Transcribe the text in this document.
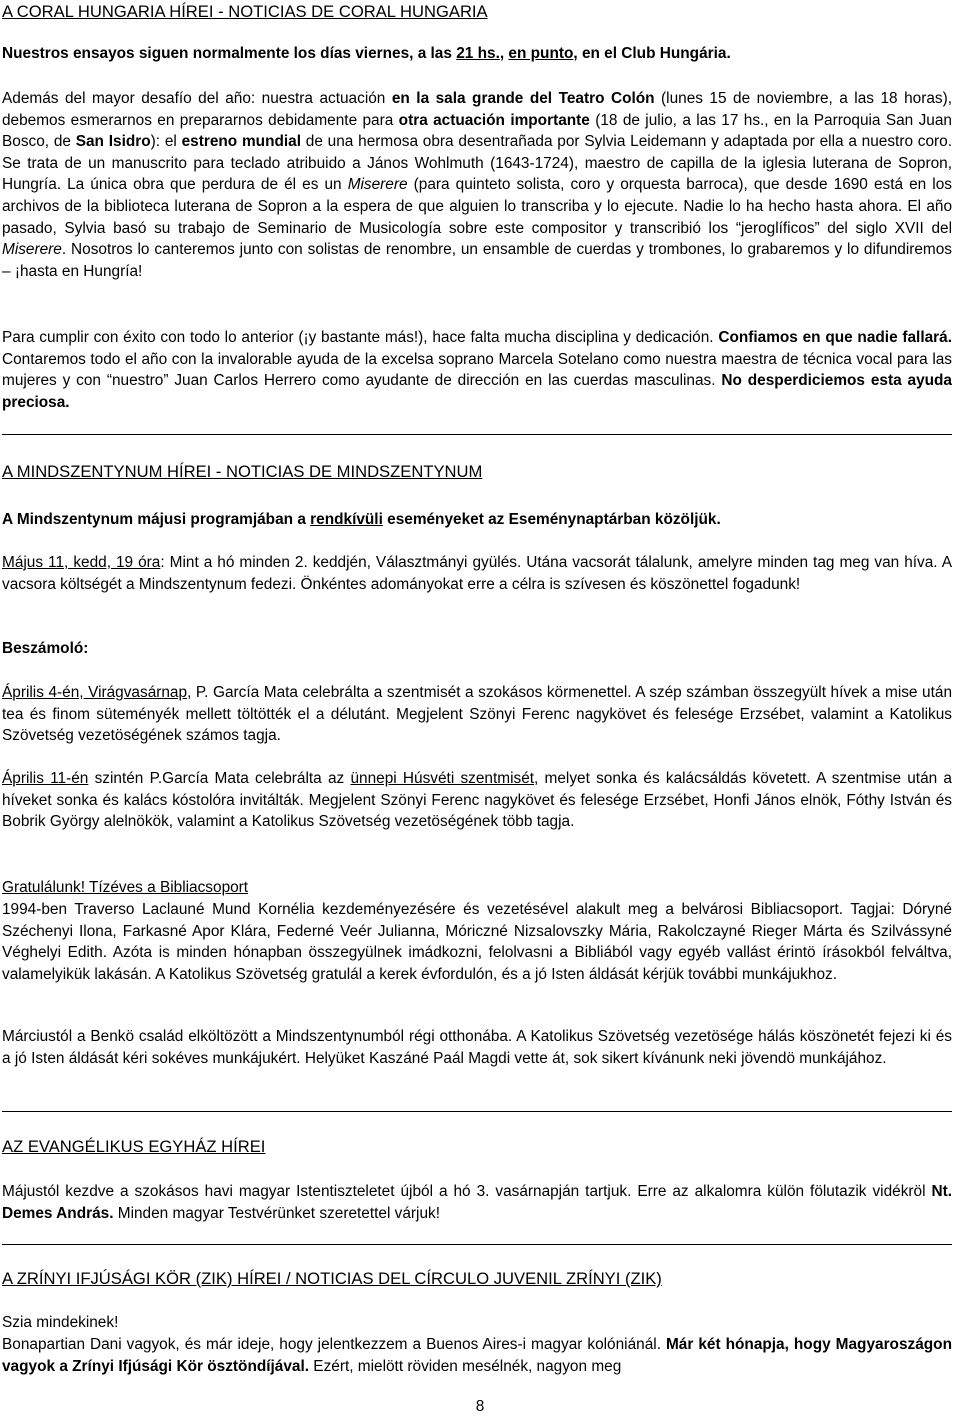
A CORAL HUNGARIA HÍREI - NOTICIAS DE CORAL HUNGARIA

Nuestros ensayos siguen normalmente los días viernes, a las 21 hs., en punto, en el Club Hungária.

Además del mayor desafío del año: nuestra actuación en la sala grande del Teatro Colón (lunes 15 de noviembre, a las 18 horas), debemos esmerarnos en prepararnos debidamente para otra actuación importante (18 de julio, a las 17 hs., en la Parroquia San Juan Bosco, de San Isidro): el estreno mundial de una hermosa obra desentrañada por Sylvia Leidemann y adaptada por ella a nuestro coro. Se trata de un manuscrito para teclado atribuido a János Wohlmuth (1643-1724), maestro de capilla de la iglesia luterana de Sopron, Hungría. La única obra que perdura de él es un Miserere (para quinteto solista, coro y orquesta barroca), que desde 1690 está en los archivos de la biblioteca luterana de Sopron a la espera de que alguien lo transcriba y lo ejecute. Nadie lo ha hecho hasta ahora. El año pasado, Sylvia basó su trabajo de Seminario de Musicología sobre este compositor y transcribió los “jeroglíficos” del siglo XVII del Miserere. Nosotros lo canteremos junto con solistas de renombre, un ensamble de cuerdas y trombones, lo grabaremos y lo difundiremos – ¡hasta en Hungría!

Para cumplir con éxito con todo lo anterior (¡y bastante más!), hace falta mucha disciplina y dedicación. Confiamos en que nadie fallará. Contaremos todo el año con la invalorable ayuda de la excelsa soprano Marcela Sotelano como nuestra maestra de técnica vocal para las mujeres y con “nuestro” Juan Carlos Herrero como ayudante de dirección en las cuerdas masculinas. No desperdiciemos esta ayuda preciosa.

A MINDSZENTYNUM HÍREI - NOTICIAS DE MINDSZENTYNUM

A Mindszentynum májusi programjában a rendkívüli eseményeket az Eseménynaptárban közöljük.

Május 11, kedd, 19 óra: Mint a hó minden 2. keddjén, Választmányi gyülés. Utána vacsorát tálalunk, amelyre minden tag meg van híva. A vacsora költségét a Mindszentynum fedezi. Önkéntes adományokat erre a célra is szívesen és köszönettel fogadunk!

Beszámoló:

Április 4-én, Virágvasárnap, P. García Mata celebrálta a szentmisét a szokásos körmenettel. A szép számban összegyült hívek a mise után tea és finom süteményék mellett töltötték el a délutánt. Megjelent Szönyi Ferenc nagykövet és felesége Erzsébet, valamint a Katolikus Szövetség vezetöségének számos tagja.

Április 11-én szintén P.García Mata celebrálta az ünnepi Húsvéti szentmisét, melyet sonka és kalácsáldás követett. A szentmise után a híveket sonka és kalács kóstolóra invitálták. Megjelent Szönyi Ferenc nagykövet és felesége Erzsébet, Honfi János elnök, Fóthy István és Bobrik György alelnökök, valamint a Katolikus Szövetség vezetöségének több tagja.

Gratulálunk! Tízéves a Bibliacsoport

1994-ben Traverso Laclauné Mund Kornélia kezdeményezésére és vezetésével alakult meg a belvárosi Bibliacsoport. Tagjai: Dóryné Széchenyi Ilona, Farkasné Apor Klára, Federné Veér Julianna, Móriczné Nizsalovszky Mária, Rakolczayné Rieger Márta és Szilvássyné Véghelyi Edith. Azóta is minden hónapban összegyülnek imádkozni, felolvasni a Bibliából vagy egyéb vallást érintö írásokból felváltva, valamelyikük lakásán. A Katolikus Szövetség gratulál a kerek évfordulón, és a jó Isten áldását kérjük további munkájukhoz.

Márciustól a Benkö család elköltözött a Mindszentynumból régi otthonába. A Katolikus Szövetség vezetösége hálás köszönetét fejezi ki és a jó Isten áldását kéri sokéves munkájukért. Helyüket Kaszáné Paál Magdi vette át, sok sikert kívánunk neki jövendö munkájához.

AZ EVANGÉLIKUS EGYHÁZ HÍREI

Májustól kezdve a szokásos havi magyar Istentiszteletet újból a hó 3. vasárnapján tartjuk. Erre az alkalomra külön fölutazik vidékröl Nt. Demes András. Minden magyar Testvérünket szeretettel várjuk!

A ZRÍNYI IFJÚSÁGI KÖR (ZIK) HÍREI / NOTICIAS DEL CÍRCULO JUVENIL ZRÍNYI (ZIK)

Szia mindekinek!

Bonapartian Dani vagyok, és már ideje, hogy jelentkezzem a Buenos Aires-i magyar kolóniánál. Már két hónapja, hogy Magyaroszágon vagyok a Zrínyi Ifjúsági Kör ösztöndíjával. Ezért, mielött röviden mesélnék, nagyon meg

8
